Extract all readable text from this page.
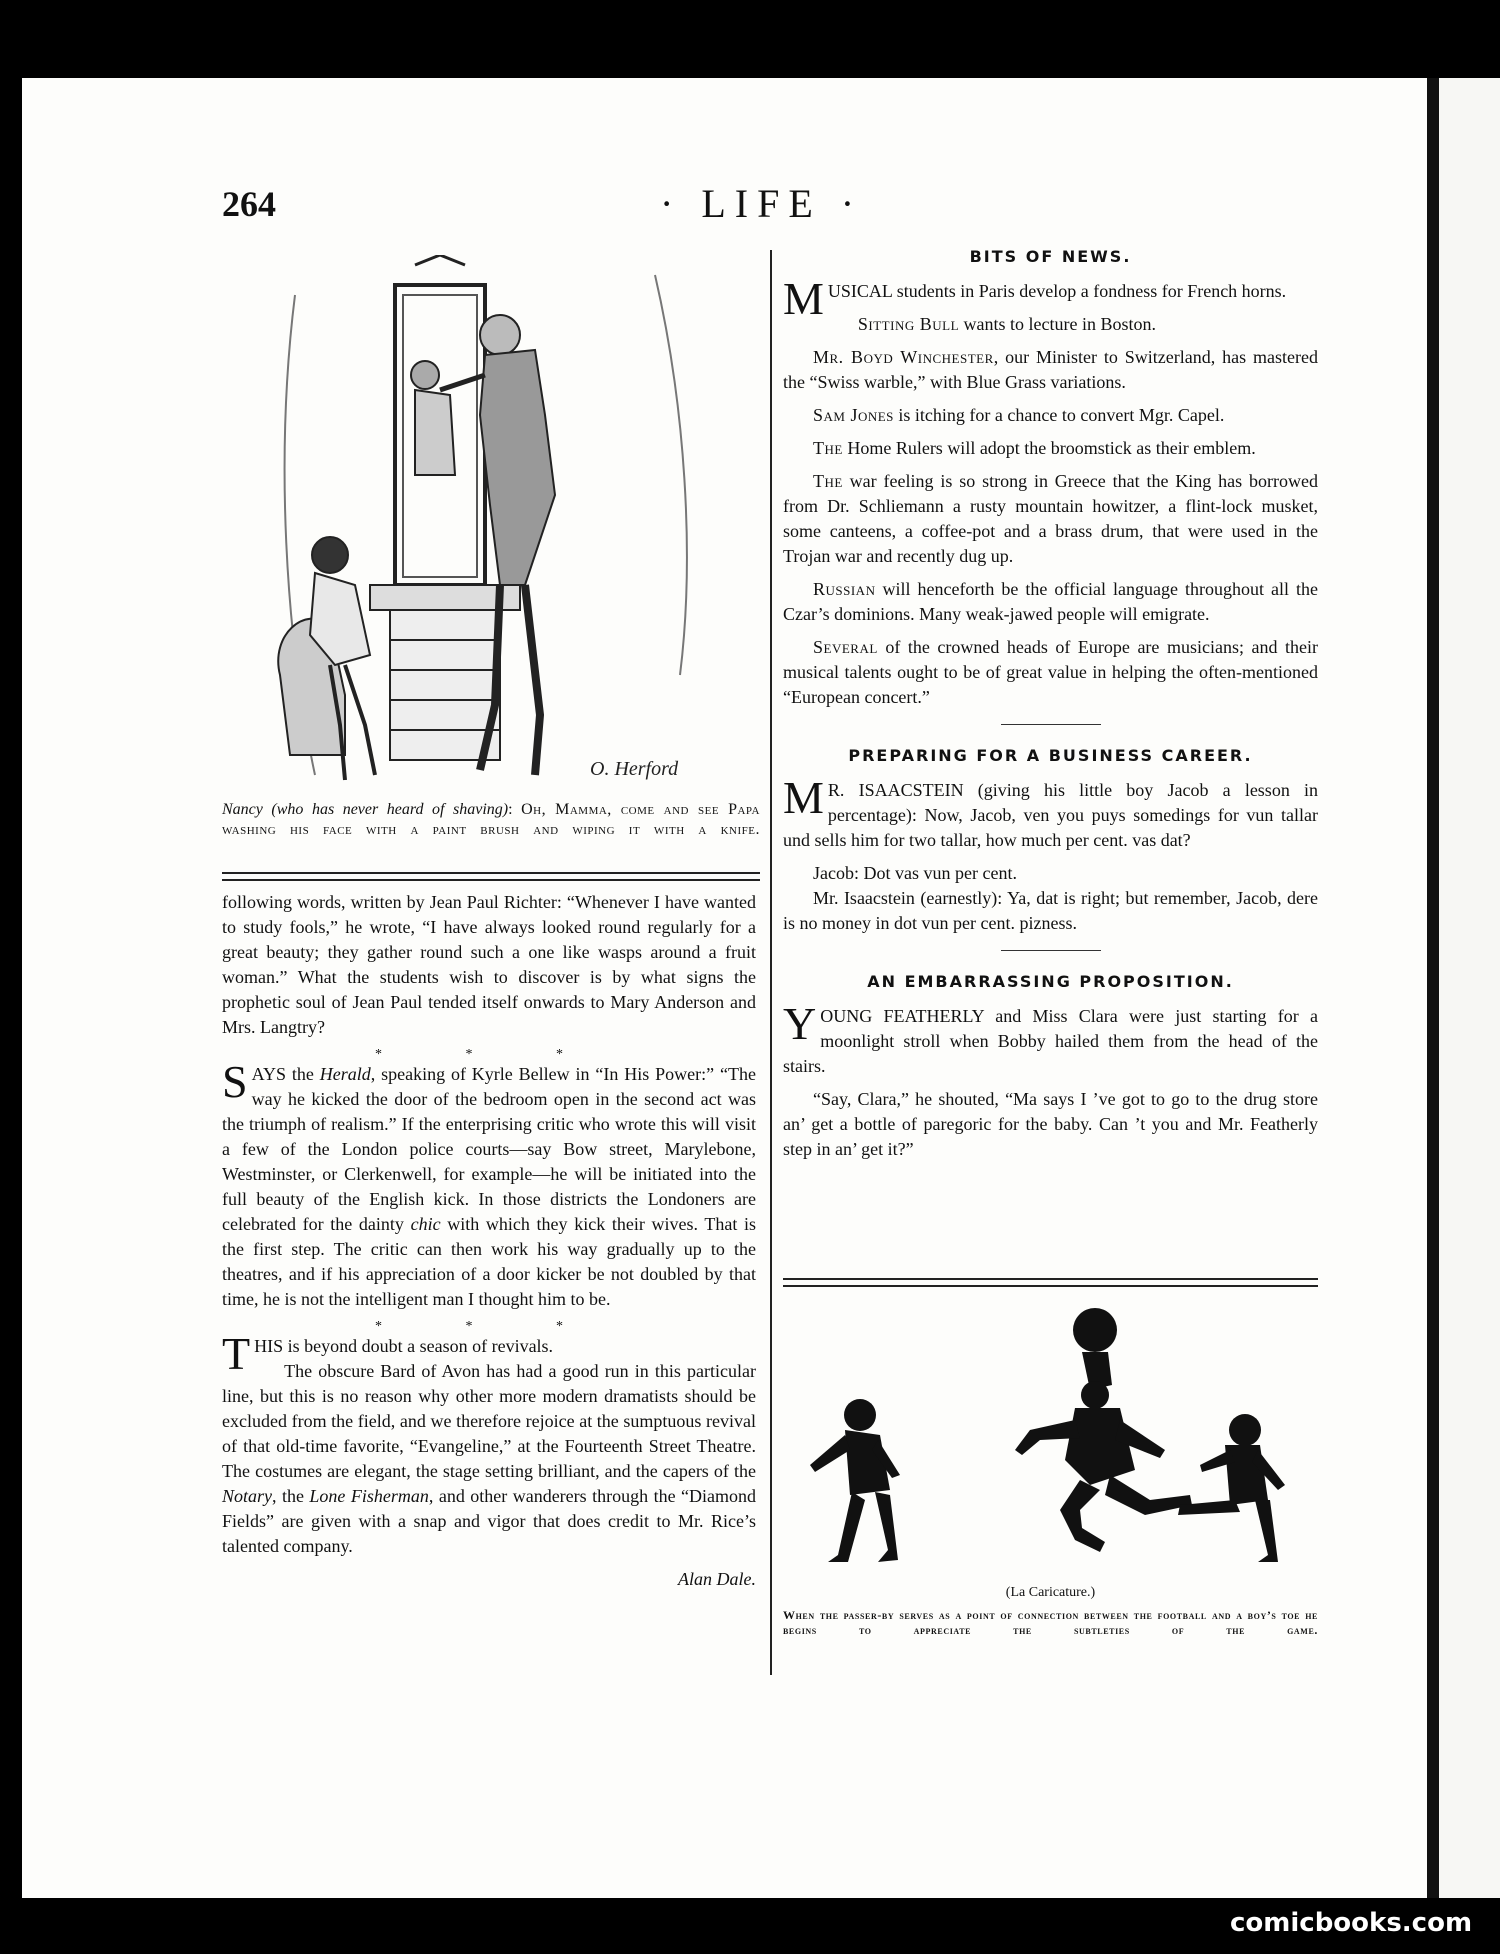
264	· LIFE ·
O. Herford
Nancy (who has never heard of shaving): Oh, Mamma, come and see Papa washing his face with a paint brush and wiping it with a knife.

following words, written by Jean Paul Richter: “Whenever I have wanted to study fools,” he wrote, “I have always looked round regularly for a great beauty; they gather round such a one like wasps around a fruit woman.” What the students wish to discover is by what signs the prophetic soul of Jean Paul tended itself onwards to Mary Anderson and Mrs. Langtry?

* * *

SAYS the Herald, speaking of Kyrle Bellew in “In His Power:” “The way he kicked the door of the bedroom open in the second act was the triumph of realism.” If the enterprising critic who wrote this will visit a few of the London police courts—say Bow street, Marylebone, Westminster, or Clerkenwell, for example—he will be initiated into the full beauty of the English kick. In those districts the Londoners are celebrated for the dainty chic with which they kick their wives. That is the first step. The critic can then work his way gradually up to the theatres, and if his appreciation of a door kicker be not doubled by that time, he is not the intelligent man I thought him to be.

* * *

THIS is beyond doubt a season of revivals.
The obscure Bard of Avon has had a good run in this particular line, but this is no reason why other more modern dramatists should be excluded from the field, and we therefore rejoice at the sumptuous revival of that old-time favorite, “Evangeline,” at the Fourteenth Street Theatre. The costumes are elegant, the stage setting brilliant, and the capers of the Notary, the Lone Fisherman, and other wanderers through the “Diamond Fields” are given with a snap and vigor that does credit to Mr. Rice’s talented company.

Alan Dale.

BITS OF NEWS.

MUSICAL students in Paris develop a fondness for French horns.

Sitting Bull wants to lecture in Boston.

Mr. Boyd Winchester, our Minister to Switzerland, has mastered the “Swiss warble,” with Blue Grass variations.

Sam Jones is itching for a chance to convert Mgr. Capel.

The Home Rulers will adopt the broomstick as their emblem.

The war feeling is so strong in Greece that the King has borrowed from Dr. Schliemann a rusty mountain howitzer, a flint-lock musket, some canteens, a coffee-pot and a brass drum, that were used in the Trojan war and recently dug up.

Russian will henceforth be the official language throughout all the Czar’s dominions. Many weak-jawed people will emigrate.

Several of the crowned heads of Europe are musicians; and their musical talents ought to be of great value in helping the often-mentioned “European concert.”

PREPARING FOR A BUSINESS CAREER.

M R. ISAACSTEIN (giving his little boy Jacob a lesson in percentage): Now, Jacob, ven you puys somedings for vun tallar und sells him for two tallar, how much per cent. vas dat?

Jacob: Dot vas vun per cent.

Mr. Isaacstein (earnestly): Ya, dat is right; but remember, Jacob, dere is no money in dot vun per cent. pizness.

AN EMBARRASSING PROPOSITION.

YOUNG FEATHERLY and Miss Clara were just starting for a moonlight stroll when Bobby hailed them from the head of the stairs.

“Say, Clara,” he shouted, “Ma says I ’ve got to go to the drug store an’ get a bottle of paregoric for the baby. Can ’t you and Mr. Featherly step in an’ get it?”

(La Caricature.)
When the passer-by serves as a point of connection between the football and a boy’s toe he begins to appreciate the subtleties of the game.
comicbooks.com
